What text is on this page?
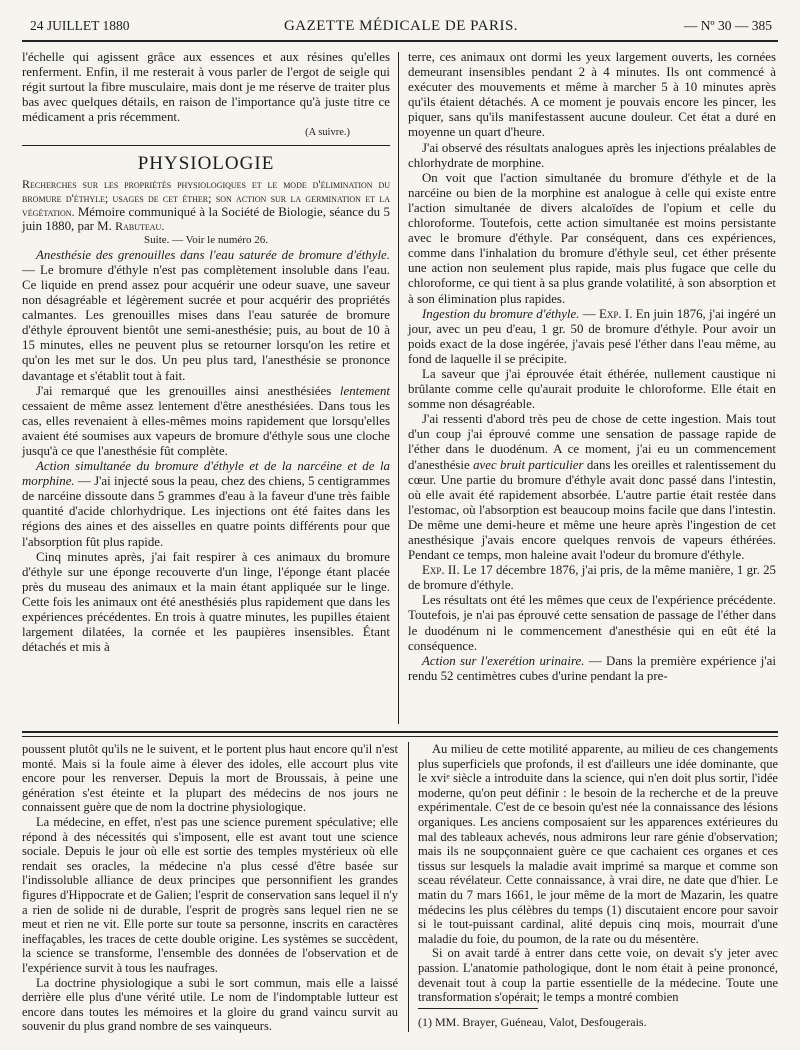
24 JUILLET 1880	GAZETTE MÉDICALE DE PARIS.	— Nº 30 — 385

l'échelle qui agissent grâce aux essences et aux résines qu'elles renferment. Enfin, il me resterait à vous parler de l'ergot de seigle qui régit surtout la fibre musculaire, mais dont je me réserve de traiter plus bas avec quelques détails, en raison de l'importance qu'à juste titre ce médicament a pris récemment.

(A suivre.)

PHYSIOLOGIE

Recherches sur les propriétés physiologiques et le mode d'élimination du bromure d'éthyle; usages de cet éther; son action sur la germination et la végétation. Mémoire communiqué à la Société de Biologie, séance du 5 juin 1880, par M. Rabuteau.

Suite. — Voir le numéro 26.

Anesthésie des grenouilles dans l'eau saturée de bromure d'éthyle. — Le bromure d'éthyle n'est pas complètement insoluble dans l'eau. Ce liquide en prend assez pour acquérir une odeur suave, une saveur non désagréable et légèrement sucrée et pour acquérir des propriétés calmantes. Les grenouilles mises dans l'eau saturée de bromure d'éthyle éprouvent bientôt une semi-anesthésie; puis, au bout de 10 à 15 minutes, elles ne peuvent plus se retourner lorsqu'on les retire et qu'on les met sur le dos. Un peu plus tard, l'anesthésie se prononce davantage et s'établit tout à fait.

J'ai remarqué que les grenouilles ainsi anesthésiées lentement cessaient de même assez lentement d'être anesthésiées. Dans tous les cas, elles revenaient à elles-mêmes moins rapidement que lorsqu'elles avaient été soumises aux vapeurs de bromure d'éthyle sous une cloche jusqu'à ce que l'anesthésie fût complète.

Action simultanée du bromure d'éthyle et de la narcéine et de la morphine. — J'ai injecté sous la peau, chez des chiens, 5 centigrammes de narcéine dissoute dans 5 grammes d'eau à la faveur d'une très faible quantité d'acide chlorhydrique. Les injections ont été faites dans les régions des aines et des aisselles en quatre points différents pour que l'absorption fût plus rapide.

Cinq minutes après, j'ai fait respirer à ces animaux du bromure d'éthyle sur une éponge recouverte d'un linge, l'éponge étant placée près du museau des animaux et la main étant appliquée sur le linge. Cette fois les animaux ont été anesthésiés plus rapidement que dans les expériences précédentes. En trois à quatre minutes, les pupilles étaient largement dilatées, la cornée et les paupières insensibles. Étant détachés et mis à

terre, ces animaux ont dormi les yeux largement ouverts, les cornées demeurant insensibles pendant 2 à 4 minutes. Ils ont commencé à exécuter des mouvements et même à marcher 5 à 10 minutes après qu'ils étaient détachés. A ce moment je pouvais encore les pincer, les piquer, sans qu'ils manifestassent aucune douleur. Cet état a duré en moyenne un quart d'heure.

J'ai observé des résultats analogues après les injections préalables de chlorhydrate de morphine.

On voit que l'action simultanée du bromure d'éthyle et de la narcéine ou bien de la morphine est analogue à celle qui existe entre l'action simultanée de divers alcaloïdes de l'opium et celle du chloroforme. Toutefois, cette action simultanée est moins persistante avec le bromure d'éthyle. Par conséquent, dans ces expériences, comme dans l'inhalation du bromure d'éthyle seul, cet éther présente une action non seulement plus rapide, mais plus fugace que celle du chloroforme, ce qui tient à sa plus grande volatilité, à son absorption et à son élimination plus rapides.

Ingestion du bromure d'éthyle. — Exp. I. En juin 1876, j'ai ingéré un jour, avec un peu d'eau, 1 gr. 50 de bromure d'éthyle. Pour avoir un poids exact de la dose ingérée, j'avais pesé l'éther dans l'eau même, au fond de laquelle il se précipite.

La saveur que j'ai éprouvée était éthérée, nullement caustique ni brûlante comme celle qu'aurait produite le chloroforme. Elle était en somme non désagréable.

J'ai ressenti d'abord très peu de chose de cette ingestion. Mais tout d'un coup j'ai éprouvé comme une sensation de passage rapide de l'éther dans le duodénum. A ce moment, j'ai eu un commencement d'anesthésie avec bruit particulier dans les oreilles et ralentissement du cœur. Une partie du bromure d'éthyle avait donc passé dans l'intestin, où elle avait été rapidement absorbée. L'autre partie était restée dans l'estomac, où l'absorption est beaucoup moins facile que dans l'intestin. De même une demi-heure et même une heure après l'ingestion de cet anesthésique j'avais encore quelques renvois de vapeurs éthérées. Pendant ce temps, mon haleine avait l'odeur du bromure d'éthyle.

Exp. II. Le 17 décembre 1876, j'ai pris, de la même manière, 1 gr. 25 de bromure d'éthyle.

Les résultats ont été les mêmes que ceux de l'expérience précédente. Toutefois, je n'ai pas éprouvé cette sensation de passage de l'éther dans le duodénum ni le commencement d'anesthésie qui en eût été la conséquence.

Action sur l'exerétion urinaire. — Dans la première expérience j'ai rendu 52 centimètres cubes d'urine pendant la pre-

poussent plutôt qu'ils ne le suivent, et le portent plus haut encore qu'il n'est monté. Mais si la foule aime à élever des idoles, elle accourt plus vite encore pour les renverser. Depuis la mort de Broussais, à peine une génération s'est éteinte et la plupart des médecins de nos jours ne connaissent guère que de nom la doctrine physiologique.

La médecine, en effet, n'est pas une science purement spéculative; elle répond à des nécessités qui s'imposent, elle est avant tout une science sociale. Depuis le jour où elle est sortie des temples mystérieux où elle rendait ses oracles, la médecine n'a plus cessé d'être basée sur l'indissoluble alliance de deux principes que personnifient les grandes figures d'Hippocrate et de Galien; l'esprit de conservation sans lequel il n'y a rien de solide ni de durable, l'esprit de progrès sans lequel rien ne se meut et rien ne vit. Elle porte sur toute sa personne, inscrits en caractères ineffaçables, les traces de cette double origine. Les systèmes se succèdent, la science se transforme, l'ensemble des données de l'observation et de l'expérience survit à tous les naufrages.

La doctrine physiologique a subi le sort commun, mais elle a laissé derrière elle plus d'une vérité utile. Le nom de l'indomptable lutteur est encore dans toutes les mémoires et la gloire du grand vaincu survit au souvenir du plus grand nombre de ses vainqueurs.

Au milieu de cette motilité apparente, au milieu de ces changements plus superficiels que profonds, il est d'ailleurs une idée dominante, que le xviᵉ siècle a introduite dans la science, qui n'en doit plus sortir, l'idée moderne, qu'on peut définir : le besoin de la recherche et de la preuve expérimentale. C'est de ce besoin qu'est née la connaissance des lésions organiques. Les anciens composaient sur les apparences extérieures du mal des tableaux achevés, nous admirons leur rare génie d'observation; mais ils ne soupçonnaient guère ce que cachaient ces organes et ces tissus sur lesquels la maladie avait imprimé sa marque et comme son sceau révélateur. Cette connaissance, à vrai dire, ne date que d'hier. Le matin du 7 mars 1661, le jour même de la mort de Mazarin, les quatre médecins les plus célèbres du temps (1) discutaient encore pour savoir si le tout-puissant cardinal, alité depuis cinq mois, mourrait d'une maladie du foie, du poumon, de la rate ou du mésentère.

Si on avait tardé à entrer dans cette voie, on devait s'y jeter avec passion. L'anatomie pathologique, dont le nom était à peine prononcé, devenait tout à coup la partie essentielle de la médecine. Toute une transformation s'opérait; le temps a montré combien

(1) MM. Brayer, Guéneau, Valot, Desfougerais.
